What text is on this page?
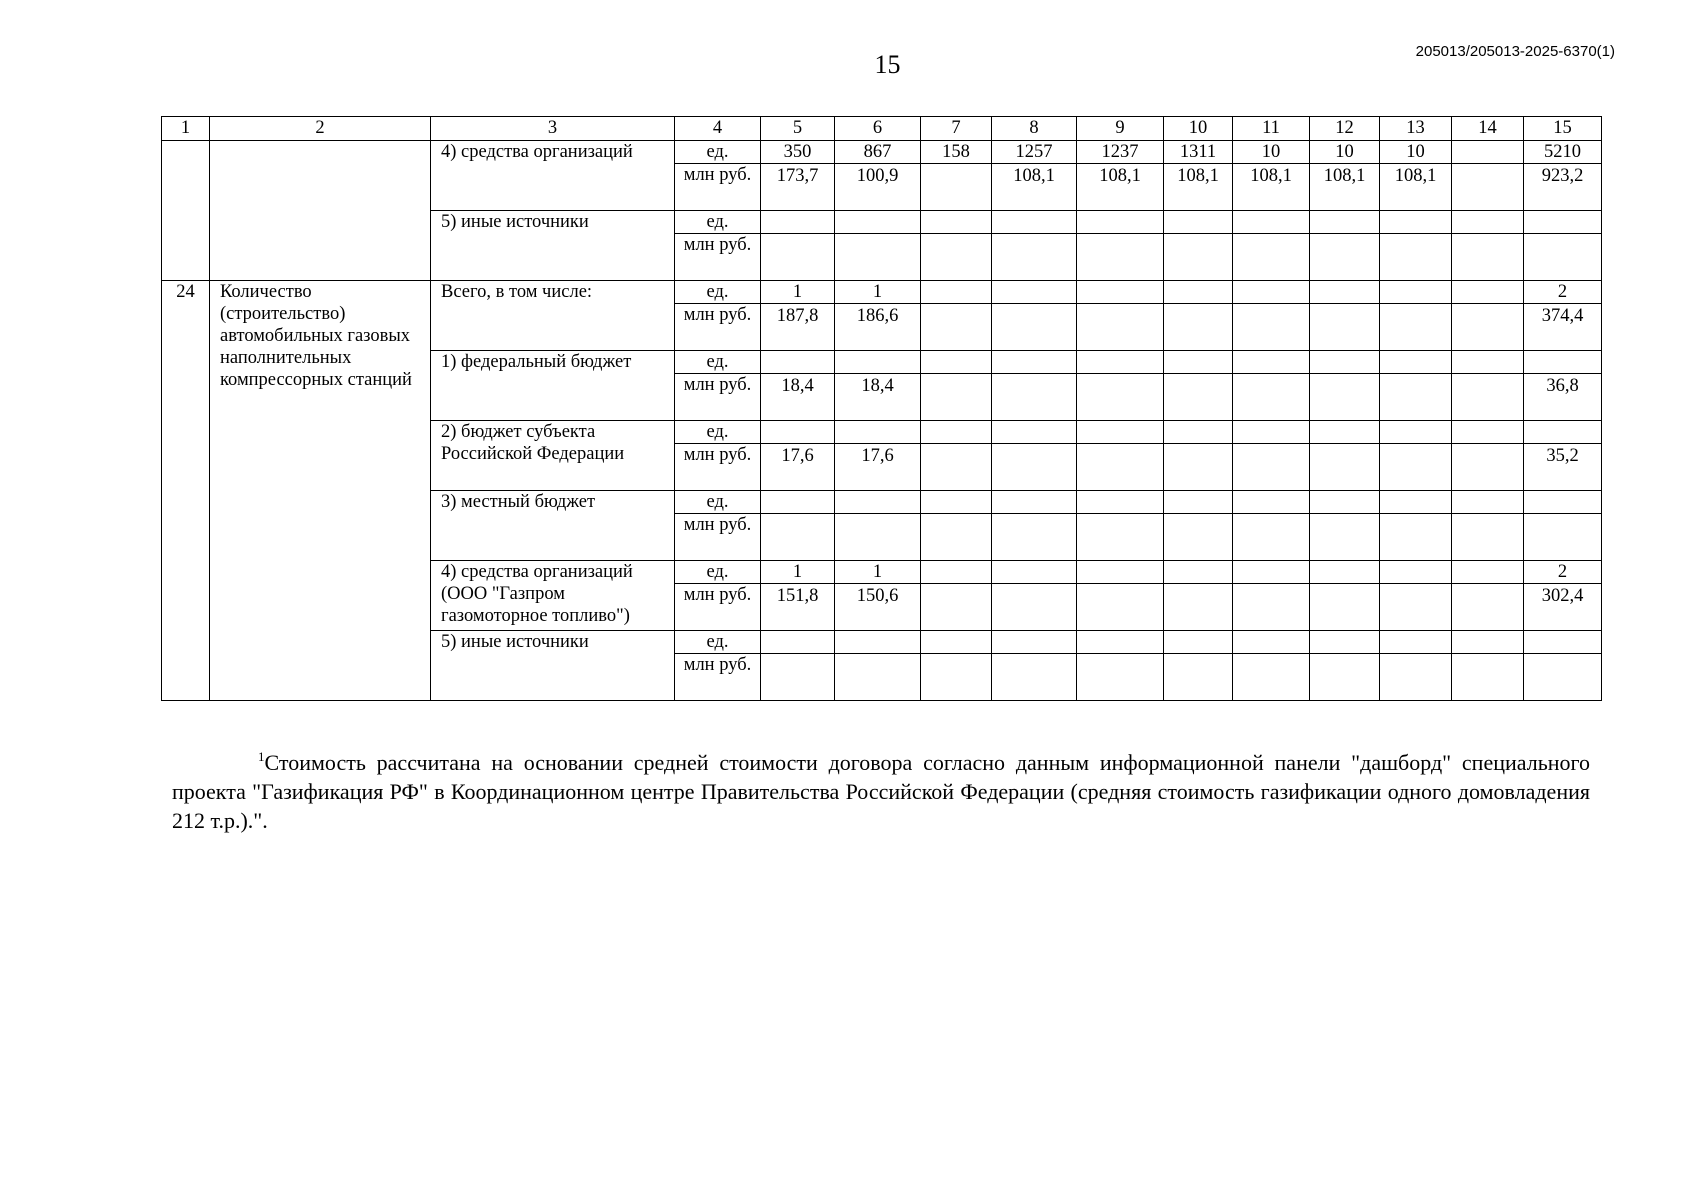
15	205013/205013-2025-6370(1)
1	2	3	4	5	6	7	8	9	10	11	12	13	14	15
		4) средства организаций	ед.	350	867	158	1257	1237	1311	10	10	10		5210
			млн руб.	173,7	100,9		108,1	108,1	108,1	108,1	108,1	108,1		923,2
		5) иные источники	ед.											
			млн руб.											
24	Количество (строительство) автомобильных газовых наполнительных компрессорных станций	Всего, в том числе:	ед.	1	1									2
			млн руб.	187,8	186,6									374,4
		1) федеральный бюджет	ед.											
			млн руб.	18,4	18,4									36,8
		2) бюджет субъекта Российской Федерации	ед.											
			млн руб.	17,6	17,6									35,2
		3) местный бюджет	ед.											
			млн руб.											
		4) средства организаций (ООО "Газпром газомоторное топливо")	ед.	1	1									2
			млн руб.	151,8	150,6									302,4
		5) иные источники	ед.											
			млн руб.											
$^1$Стоимость рассчитана на основании средней стоимости договора согласно данным информационной панели "дашборд" специального проекта "Газификация РФ" в Координационном центре Правительства Российской Федерации (средняя стоимость газификации одного домовладения 212 т.р.).".
